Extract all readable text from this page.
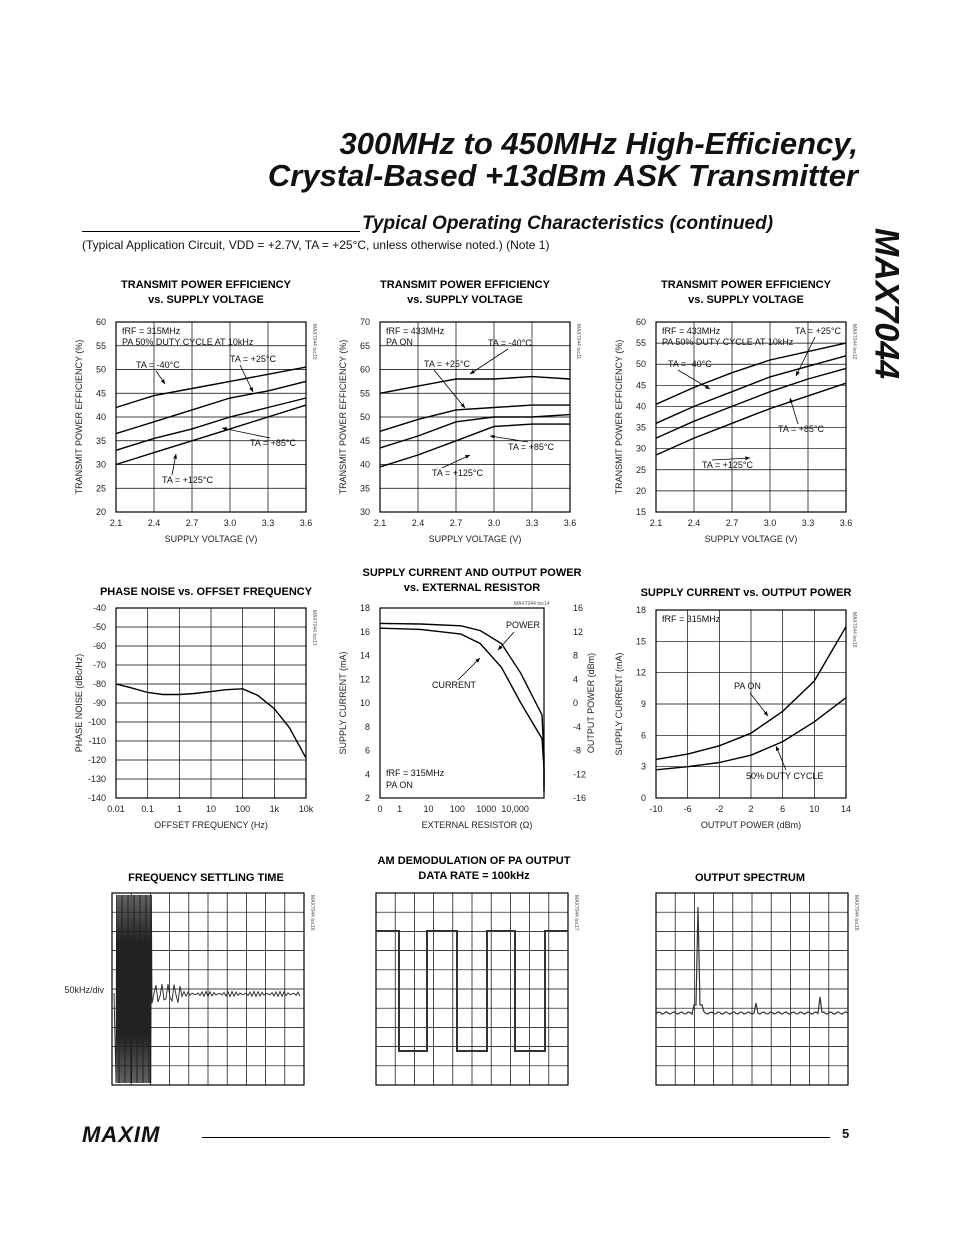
300MHz to 450MHz High-Efficiency,
Crystal-Based +13dBm ASK Transmitter
MAX7044
Typical Operating Characteristics (continued)
(Typical Application Circuit, VDD = +2.7V, TA = +25°C, unless otherwise noted.) (Note 1)
TRANSMIT POWER EFFICIENCY
vs. SUPPLY VOLTAGE
2.1	2.4	2.7	3.0	3.3	3.6
20
25
30
35
40
45
50
55
60
SUPPLY VOLTAGE (V)
TRANSMIT POWER EFFICIENCY (%)	MAX7044 toc10
fRF = 315MHz
PA 50% DUTY CYCLE AT 10kHz
TA = -40°C
TA = +25°C
TA = +85°C
TA = +125°C
TRANSMIT POWER EFFICIENCY
vs. SUPPLY VOLTAGE
2.1	2.4	2.7	3.0	3.3	3.6
30
35
40
45
50
55
60
65
70
SUPPLY VOLTAGE (V)
TRANSMIT POWER EFFICIENCY (%)	MAX7044 toc11
fRF = 433MHz
PA ON	TA = -40°C
TA = +25°C
TA = +85°C
TA = +125°C
TRANSMIT POWER EFFICIENCY
vs. SUPPLY VOLTAGE
2.1	2.4	2.7	3.0	3.3	3.6
15
20
25
30
35
40
45
50
55
60
SUPPLY VOLTAGE (V)
TRANSMIT POWER EFFICIENCY (%)	MAX7044 toc12
fRF = 433MHz
PA 50% DUTY CYCLE AT 10kHz
TA = +25°C
TA = -40°C
TA = +85°C
TA = +125°C
PHASE NOISE vs. OFFSET FREQUENCY
0.01 0.1	1	10 100 1k 10k
-140
-130
-120
-110
-100
-90
-80
-70
-60
-50
-40
OFFSET FREQUENCY (Hz)
PHASE NOISE (dBc/Hz)
MAX7044 toc13
SUPPLY CURRENT AND OUTPUT POWER
vs. EXTERNAL RESISTOR
0 1 10 100 1000 10,000
2
4
6
8
10
12
14
16
18
-16
-12
-8
-4
0
4
8
12
16
EXTERNAL RESISTOR (Ω)
SUPPLY CURRENT (mA)	OUTPUT POWER (dBm)
MAX7044 toc14
fRF = 315MHz
PA ON
POWER
CURRENT
SUPPLY CURRENT vs. OUTPUT POWER
-10 -6	-2	2	6	10 14
0
3
6
9
12
15
18
OUTPUT POWER (dBm)
SUPPLY CURRENT (mA)
MAX7044 toc15
fRF = 315MHz
PA ON
50% DUTY CYCLE
FREQUENCY SETTLING TIME
MAX7044 toc16
50kHz/div
AM DEMODULATION OF PA OUTPUT
DATA RATE = 100kHz
MAX7044 toc17
OUTPUT SPECTRUM
MAX7044 toc18
MAXIM	5
